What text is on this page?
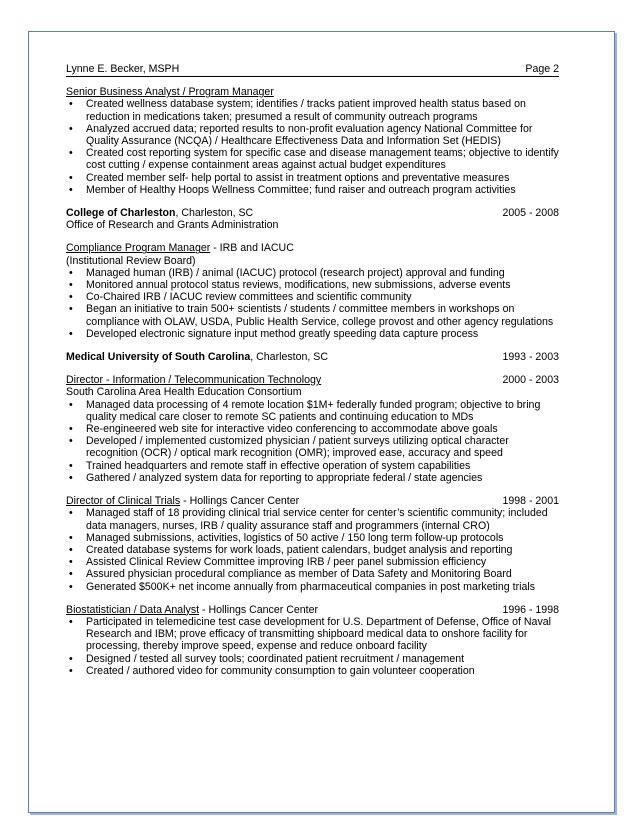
Lynne E. Becker, MSPH	Page 2
Senior Business Analyst / Program Manager
• Created wellness database system; identifies / tracks patient improved health status based on reduction in medications taken; presumed a result of community outreach programs
• Analyzed accrued data; reported results to non-profit evaluation agency National Committee for Quality Assurance (NCQA) / Healthcare Effectiveness Data and Information Set (HEDIS)
• Created cost reporting system for specific case and disease management teams; objective to identify cost cutting / expense containment areas against actual budget expenditures
• Created member self- help portal to assist in treatment options and preventative measures
• Member of Healthy Hoops Wellness Committee; fund raiser and outreach program activities
College of Charleston, Charleston, SC	2005 - 2008
Office of Research and Grants Administration
Compliance Program Manager - IRB and IACUC
(Institutional Review Board)
• Managed human (IRB) / animal (IACUC) protocol (research project) approval and funding
• Monitored annual protocol status reviews, modifications, new submissions, adverse events
• Co-Chaired IRB / IACUC review committees and scientific community
• Began an initiative to train 500+ scientists / students / committee members in workshops on compliance with OLAW, USDA, Public Health Service, college provost and other agency regulations
• Developed electronic signature input method greatly speeding data capture process
Medical University of South Carolina, Charleston, SC	1993 - 2003
Director - Information / Telecommunication Technology	2000 - 2003
South Carolina Area Health Education Consortium
• Managed data processing of 4 remote location $1M+ federally funded program; objective to bring quality medical care closer to remote SC patients and continuing education to MDs
• Re-engineered web site for interactive video conferencing to accommodate above goals
• Developed / implemented customized physician / patient surveys utilizing optical character recognition (OCR) / optical mark recognition (OMR); improved ease, accuracy and speed
• Trained headquarters and remote staff in effective operation of system capabilities
• Gathered / analyzed system data for reporting to appropriate federal / state agencies
Director of Clinical Trials - Hollings Cancer Center	1998 - 2001
• Managed staff of 18 providing clinical trial service center for center’s scientific community; included data managers, nurses, IRB / quality assurance staff and programmers (internal CRO)
• Managed submissions, activities, logistics of 50 active / 150 long term follow-up protocols
• Created database systems for work loads, patient calendars, budget analysis and reporting
• Assisted Clinical Review Committee improving IRB / peer panel submission efficiency
• Assured physician procedural compliance as member of Data Safety and Monitoring Board
• Generated $500K+ net income annually from pharmaceutical companies in post marketing trials
Biostatistician / Data Analyst - Hollings Cancer Center	1996 - 1998
• Participated in telemedicine test case development for U.S. Department of Defense, Office of Naval Research and IBM; prove efficacy of transmitting shipboard medical data to onshore facility for processing, thereby improve speed, expense and reduce onboard facility
• Designed / tested all survey tools; coordinated patient recruitment / management
• Created / authored video for community consumption to gain volunteer cooperation
